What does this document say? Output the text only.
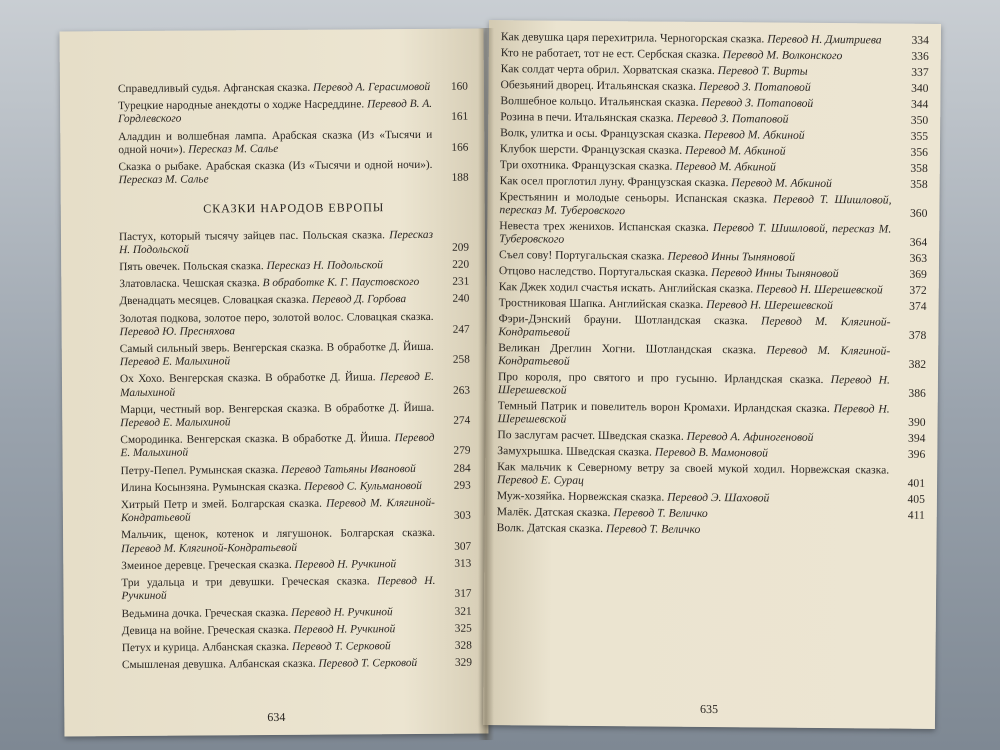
Справедливый судья. Афганская сказка. Перевод А. Герасимовой	160
Турецкие народные анекдоты о ходже Насреддине. Перевод В. А. Гордлевского	161
Аладдин и волшебная лампа. Арабская сказка (Из «Тысячи и одной ночи»). Пересказ М. Салье	166
Сказка о рыбаке. Арабская сказка (Из «Тысячи и одной ночи»). Пересказ М. Салье	188
СКАЗКИ НАРОДОВ ЕВРОПЫ
Пастух, который тысячу зайцев пас. Польская сказка. Пересказ Н. Подольской	209
Пять овечек. Польская сказка. Пересказ Н. Подольской	220
Златовласка. Чешская сказка. В обработке К. Г. Паустовского	231
Двенадцать месяцев. Словацкая сказка. Перевод Д. Горбова	240
Золотая подкова, золотое перо, золотой волос. Словацкая сказка. Перевод Ю. Пресняхова	247
Самый сильный зверь. Венгерская сказка. В обработке Д. Йиша. Перевод Е. Малыхиной	258
Ох Хохо. Венгерская сказка. В обработке Д. Йиша. Перевод Е. Малыхиной	263
Марци, честный вор. Венгерская сказка. В обработке Д. Йиша. Перевод Е. Малыхиной	274
Смородинка. Венгерская сказка. В обработке Д. Йиша. Перевод Е. Малыхиной	279
Петру-Пепел. Румынская сказка. Перевод Татьяны Ивановой	284
Илина Косынзяна. Румынская сказка. Перевод С. Кульмановой	293
Хитрый Петр и змей. Болгарская сказка. Перевод М. Клягиной-Кондратьевой	303
Мальчик, щенок, котенок и лягушонок. Болгарская сказка. Перевод М. Клягиной-Кондратьевой	307
Змеиное деревце. Греческая сказка. Перевод Н. Ручкиной	313
Три удальца и три девушки. Греческая сказка. Перевод Н. Ручкиной	317
Ведьмина дочка. Греческая сказка. Перевод Н. Ручкиной	321
Девица на войне. Греческая сказка. Перевод Н. Ручкиной	325
Петух и курица. Албанская сказка. Перевод Т. Серковой	328
Смышленая девушка. Албанская сказка. Перевод Т. Серковой	329
634
Как девушка царя перехитрила. Черногорская сказка. Перевод Н. Дмитриева	334
Кто не работает, тот не ест. Сербская сказка. Перевод М. Волконского	336
Как солдат черта обрил. Хорватская сказка. Перевод Т. Вирты	337
Обезьяний дворец. Итальянская сказка. Перевод З. Потаповой	340
Волшебное кольцо. Итальянская сказка. Перевод З. Потаповой	344
Розина в печи. Итальянская сказка. Перевод З. Потаповой	350
Волк, улитка и осы. Французская сказка. Перевод М. Абкиной	355
Клубок шерсти. Французская сказка. Перевод М. Абкиной	356
Три охотника. Французская сказка. Перевод М. Абкиной	358
Как осел проглотил луну. Французская сказка. Перевод М. Абкиной	358
Крестьянин и молодые сеньоры. Испанская сказка. Перевод Т. Шишловой, пересказ М. Туберовского	360
Невеста трех женихов. Испанская сказка. Перевод Т. Шишловой, пересказ М. Туберовского	364
Съел сову! Португальская сказка. Перевод Инны Тыняновой	363
Отцово наследство. Португальская сказка. Перевод Инны Тыняновой	369
Как Джек ходил счастья искать. Английская сказка. Перевод Н. Шерешевской	372
Тростниковая Шапка. Английская сказка. Перевод Н. Шерешевской	374
Фэри-Дэнский брауни. Шотландская сказка. Перевод М. Клягиной-Кондратьевой	378
Великан Дреглин Хогни. Шотландская сказка. Перевод М. Клягиной-Кондратьевой	382
Про короля, про святого и про гусыню. Ирландская сказка. Перевод Н. Шерешевской	386
Темный Патрик и повелитель ворон Кромахи. Ирландская сказка. Перевод Н. Шерешевской	390
По заслугам расчет. Шведская сказка. Перевод А. Афиногеновой	394
Замухрышка. Шведская сказка. Перевод В. Мамоновой	396
Как мальчик к Северному ветру за своей мукой ходил. Норвежская сказка. Перевод Е. Сурац	401
Муж-хозяйка. Норвежская сказка. Перевод Э. Шаховой	405
Малёк. Датская сказка. Перевод Т. Величко	411
Волк. Датская сказка. Перевод Т. Величко
635
